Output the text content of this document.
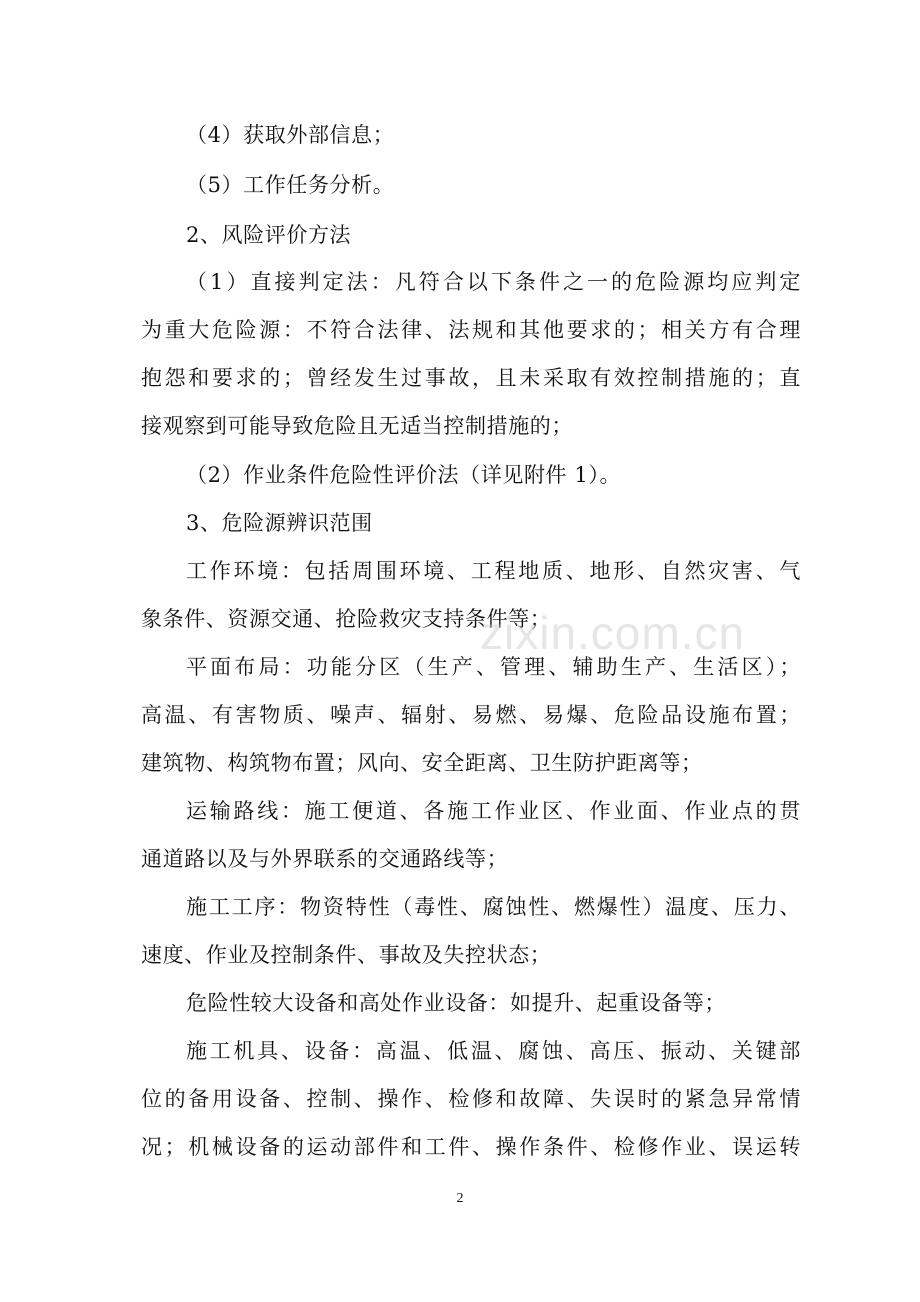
（4）获取外部信息；
（5）工作任务分析。
2、风险评价方法
（1）直接判定法：凡符合以下条件之一的危险源均应判定
为重大危险源：不符合法律、法规和其他要求的；相关方有合理
抱怨和要求的；曾经发生过事故，且未采取有效控制措施的；直
接观察到可能导致危险且无适当控制措施的；
（2）作业条件危险性评价法（详见附件 1）。
3、危险源辨识范围
工作环境：包括周围环境、工程地质、地形、自然灾害、气
象条件、资源交通、抢险救灾支持条件等；
平面布局：功能分区（生产、管理、辅助生产、生活区）；
高温、有害物质、噪声、辐射、易燃、易爆、危险品设施布置；
建筑物、构筑物布置；风向、安全距离、卫生防护距离等；
运输路线：施工便道、各施工作业区、作业面、作业点的贯
通道路以及与外界联系的交通路线等；
施工工序：物资特性（毒性、腐蚀性、燃爆性）温度、压力、
速度、作业及控制条件、事故及失控状态；
危险性较大设备和高处作业设备：如提升、起重设备等；
施工机具、设备：高温、低温、腐蚀、高压、振动、关键部
位的备用设备、控制、操作、检修和故障、失误时的紧急异常情
况；机械设备的运动部件和工件、操作条件、检修作业、误运转
zixin.com.cn
2
